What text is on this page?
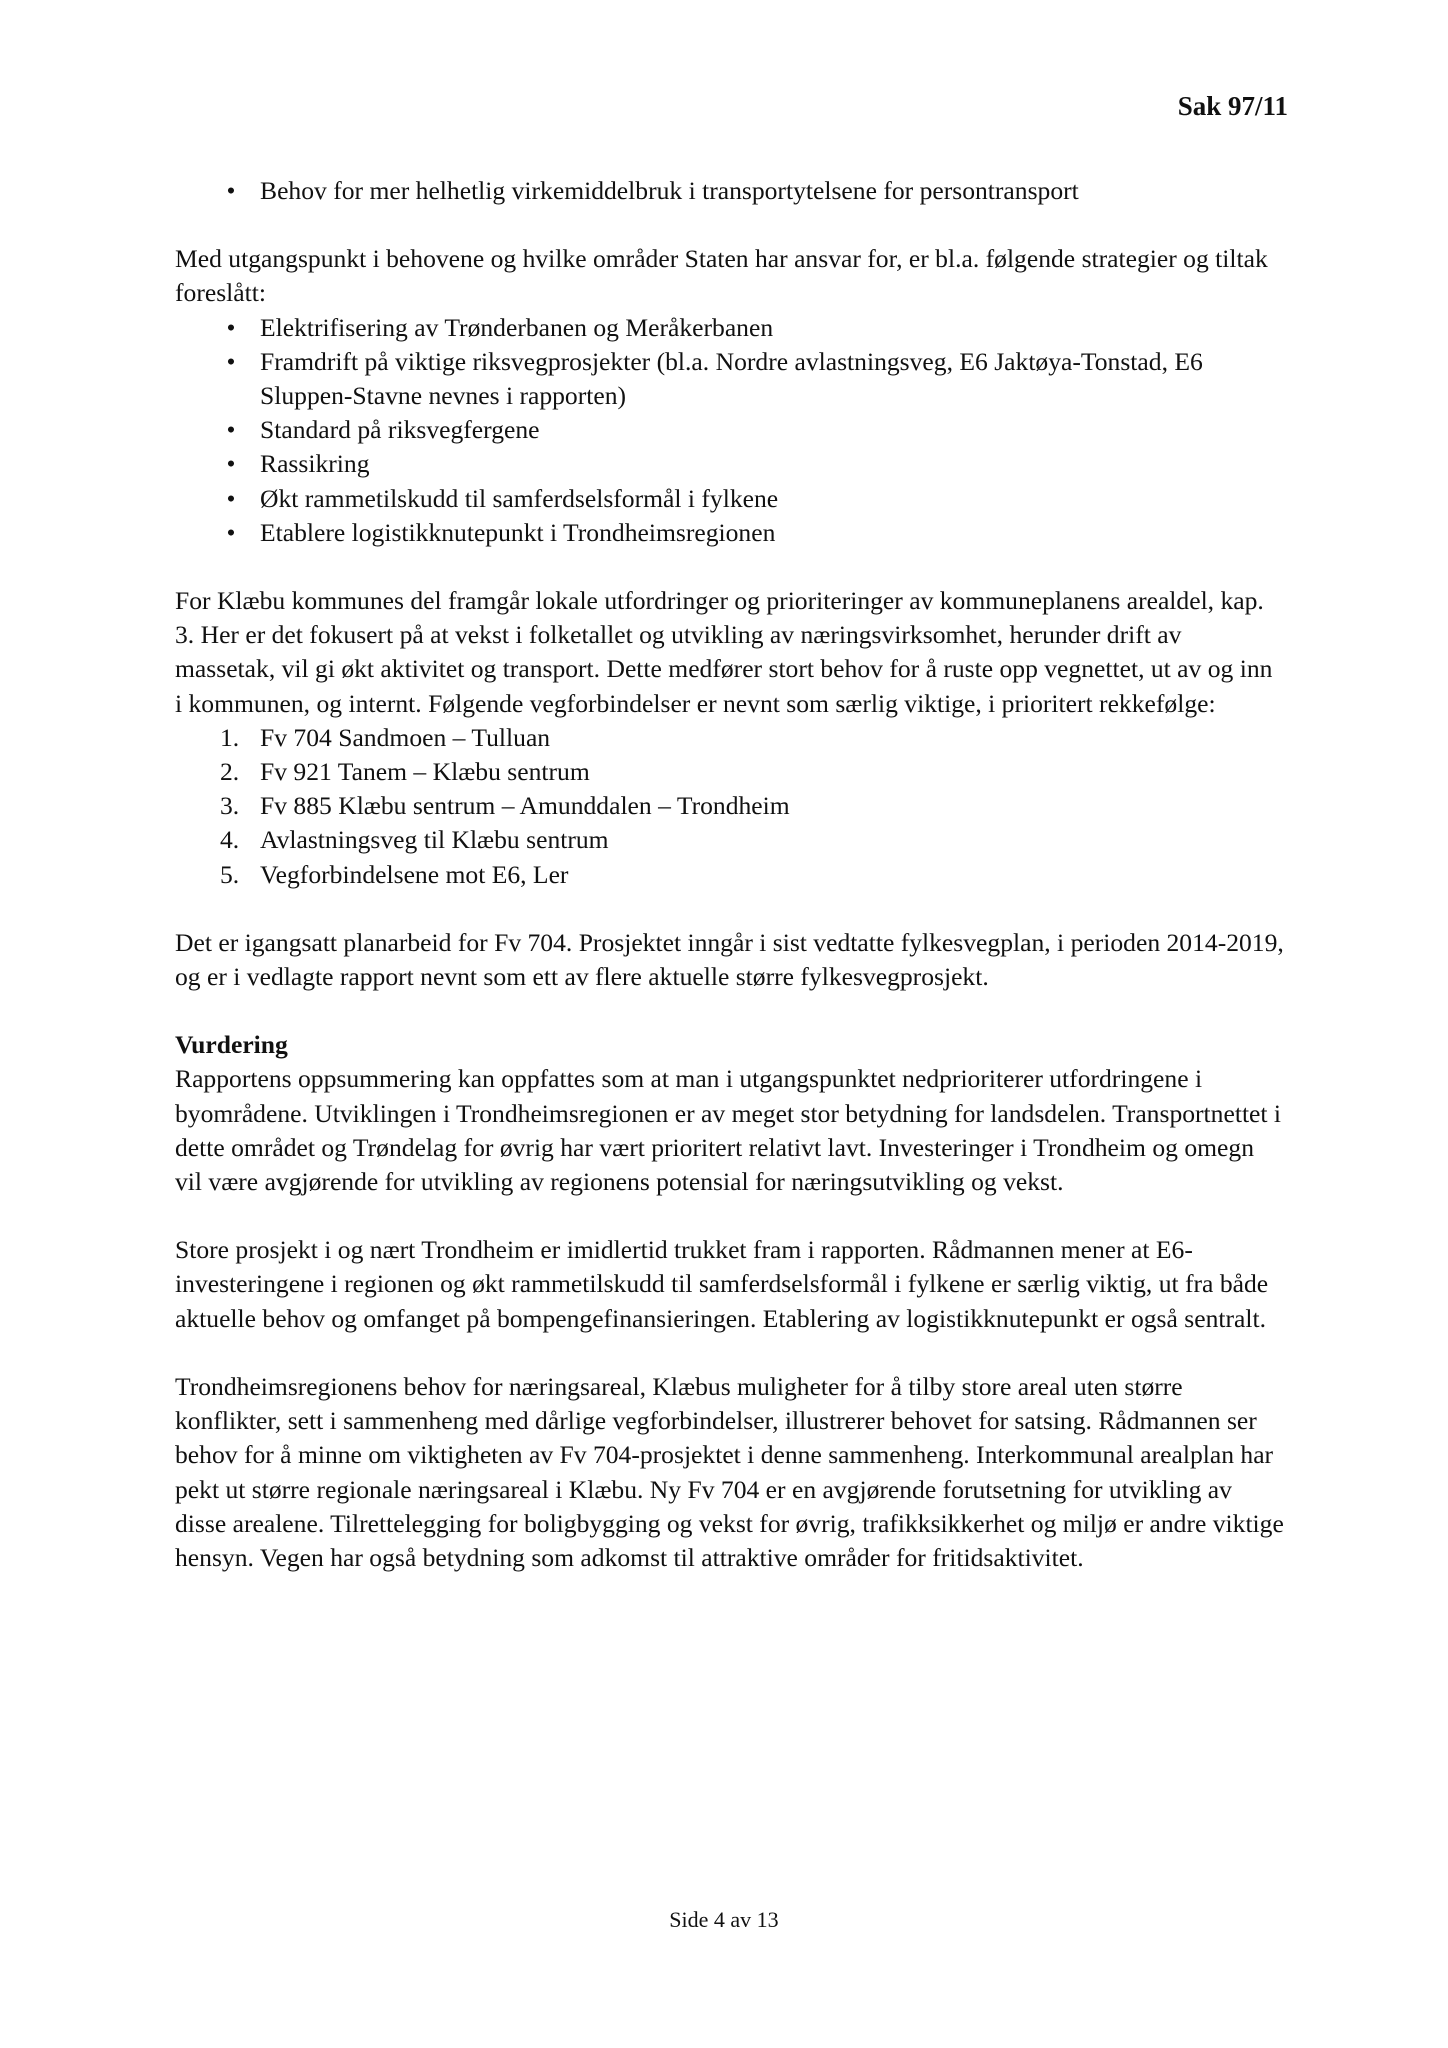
Sak 97/11
• Behov for mer helhetlig virkemiddelbruk i transportytelsene for persontransport

Med utgangspunkt i behovene og hvilke områder Staten har ansvar for, er bl.a. følgende strategier og tiltak foreslått:

• Elektrifisering av Trønderbanen og Meråkerbanen
• Framdrift på viktige riksvegprosjekter (bl.a. Nordre avlastningsveg, E6 Jaktøya-Tonstad, E6 Sluppen-Stavne nevnes i rapporten)
• Standard på riksvegfergene
• Rassikring
• Økt rammetilskudd til samferdselsformål i fylkene
• Etablere logistikknutepunkt i Trondheimsregionen

For Klæbu kommunes del framgår lokale utfordringer og prioriteringer av kommuneplanens arealdel, kap. 3. Her er det fokusert på at vekst i folketallet og utvikling av næringsvirksomhet, herunder drift av massetak, vil gi økt aktivitet og transport. Dette medfører stort behov for å ruste opp vegnettet, ut av og inn i kommunen, og internt. Følgende vegforbindelser er nevnt som særlig viktige, i prioritert rekkefølge:

1. Fv 704 Sandmoen – Tulluan
2. Fv 921 Tanem – Klæbu sentrum
3. Fv 885 Klæbu sentrum – Amunddalen – Trondheim
4. Avlastningsveg til Klæbu sentrum
5. Vegforbindelsene mot E6, Ler

Det er igangsatt planarbeid for Fv 704. Prosjektet inngår i sist vedtatte fylkesvegplan, i perioden 2014-2019, og er i vedlagte rapport nevnt som ett av flere aktuelle større fylkesvegprosjekt.

Vurdering

Rapportens oppsummering kan oppfattes som at man i utgangspunktet nedprioriterer utfordringene i byområdene. Utviklingen i Trondheimsregionen er av meget stor betydning for landsdelen. Transportnettet i dette området og Trøndelag for øvrig har vært prioritert relativt lavt. Investeringer i Trondheim og omegn vil være avgjørende for utvikling av regionens potensial for næringsutvikling og vekst.

Store prosjekt i og nært Trondheim er imidlertid trukket fram i rapporten. Rådmannen mener at E6-investeringene i regionen og økt rammetilskudd til samferdselsformål i fylkene er særlig viktig, ut fra både aktuelle behov og omfanget på bompengefinansieringen. Etablering av logistikknutepunkt er også sentralt.

Trondheimsregionens behov for næringsareal, Klæbus muligheter for å tilby store areal uten større konflikter, sett i sammenheng med dårlige vegforbindelser, illustrerer behovet for satsing. Rådmannen ser behov for å minne om viktigheten av Fv 704-prosjektet i denne sammenheng. Interkommunal arealplan har pekt ut større regionale næringsareal i Klæbu. Ny Fv 704 er en avgjørende forutsetning for utvikling av disse arealene. Tilrettelegging for boligbygging og vekst for øvrig, trafikksikkerhet og miljø er andre viktige hensyn. Vegen har også betydning som adkomst til attraktive områder for fritidsaktivitet.

Side 4 av 13
